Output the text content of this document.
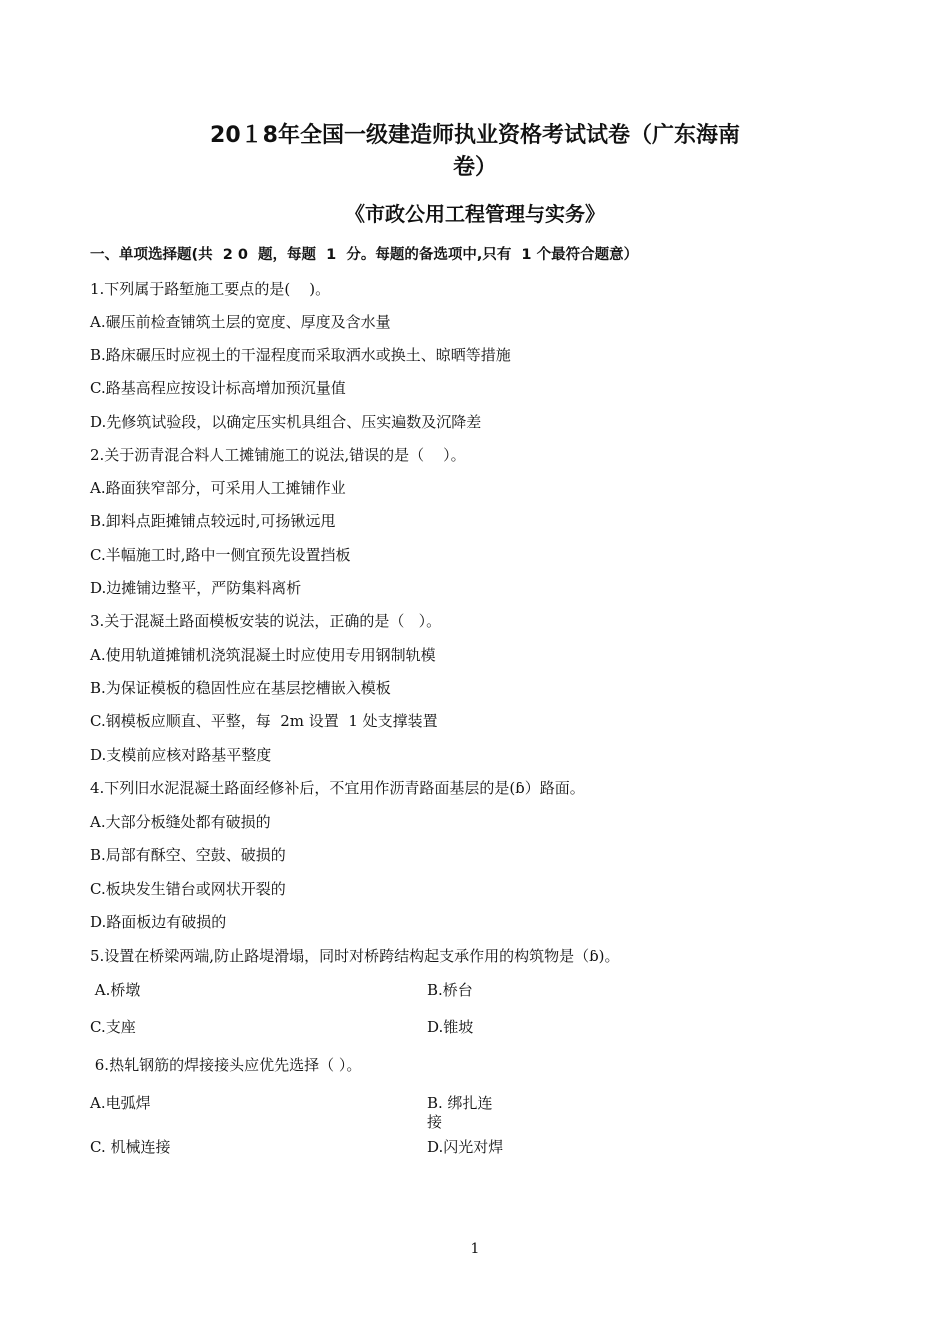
20１8年全国一级建造师执业资格考试试卷（广东海南
卷）
《市政公用工程管理与实务》
一、单项选择题(共  2 0  题，每题  1  分。每题的备选项中,只有  1 个最符合题意）
1.下列属于路堑施工要点的是(    )。
A.碾压前检查铺筑土层的宽度、厚度及含水量
B.路床碾压时应视土的干湿程度而采取洒水或换土、晾晒等措施
C.路基高程应按设计标高增加预沉量值
D.先修筑试验段，以确定压实机具组合、压实遍数及沉降差
2.关于沥青混合料人工摊铺施工的说法,错误的是（    ）。
A.路面狭窄部分，可采用人工摊铺作业
B.卸料点距摊铺点较远时,可扬锹远甩
C.半幅施工时,路中一侧宜预先设置挡板
D.边摊铺边整平，严防集料离析
3.关于混凝土路面模板安装的说法，正确的是（   ）。
A.使用轨道摊铺机浇筑混凝土时应使用专用钢制轨模
B.为保证模板的稳固性应在基层挖槽嵌入模板
C.钢模板应顺直、平整，每  2m 设置  1 处支撑装置
D.支模前应核对路基平整度
4.下列旧水泥混凝土路面经修补后，不宜用作沥青路面基层的是(ɓ）路面。
A.大部分板缝处都有破损的
B.局部有酥空、空鼓、破损的
C.板块发生错台或网状开裂的
D.路面板边有破损的
5.设置在桥梁两端,防止路堤滑塌，同时对桥跨结构起支承作用的构筑物是（ɓ)。
A.桥墩	B.桥台
C.支座	D.锥坡
6.热轧钢筋的焊接接头应优先选择（ ）。
A.电弧焊	B. 绑扎连接
C. 机械连接	D.闪光对焊
1
